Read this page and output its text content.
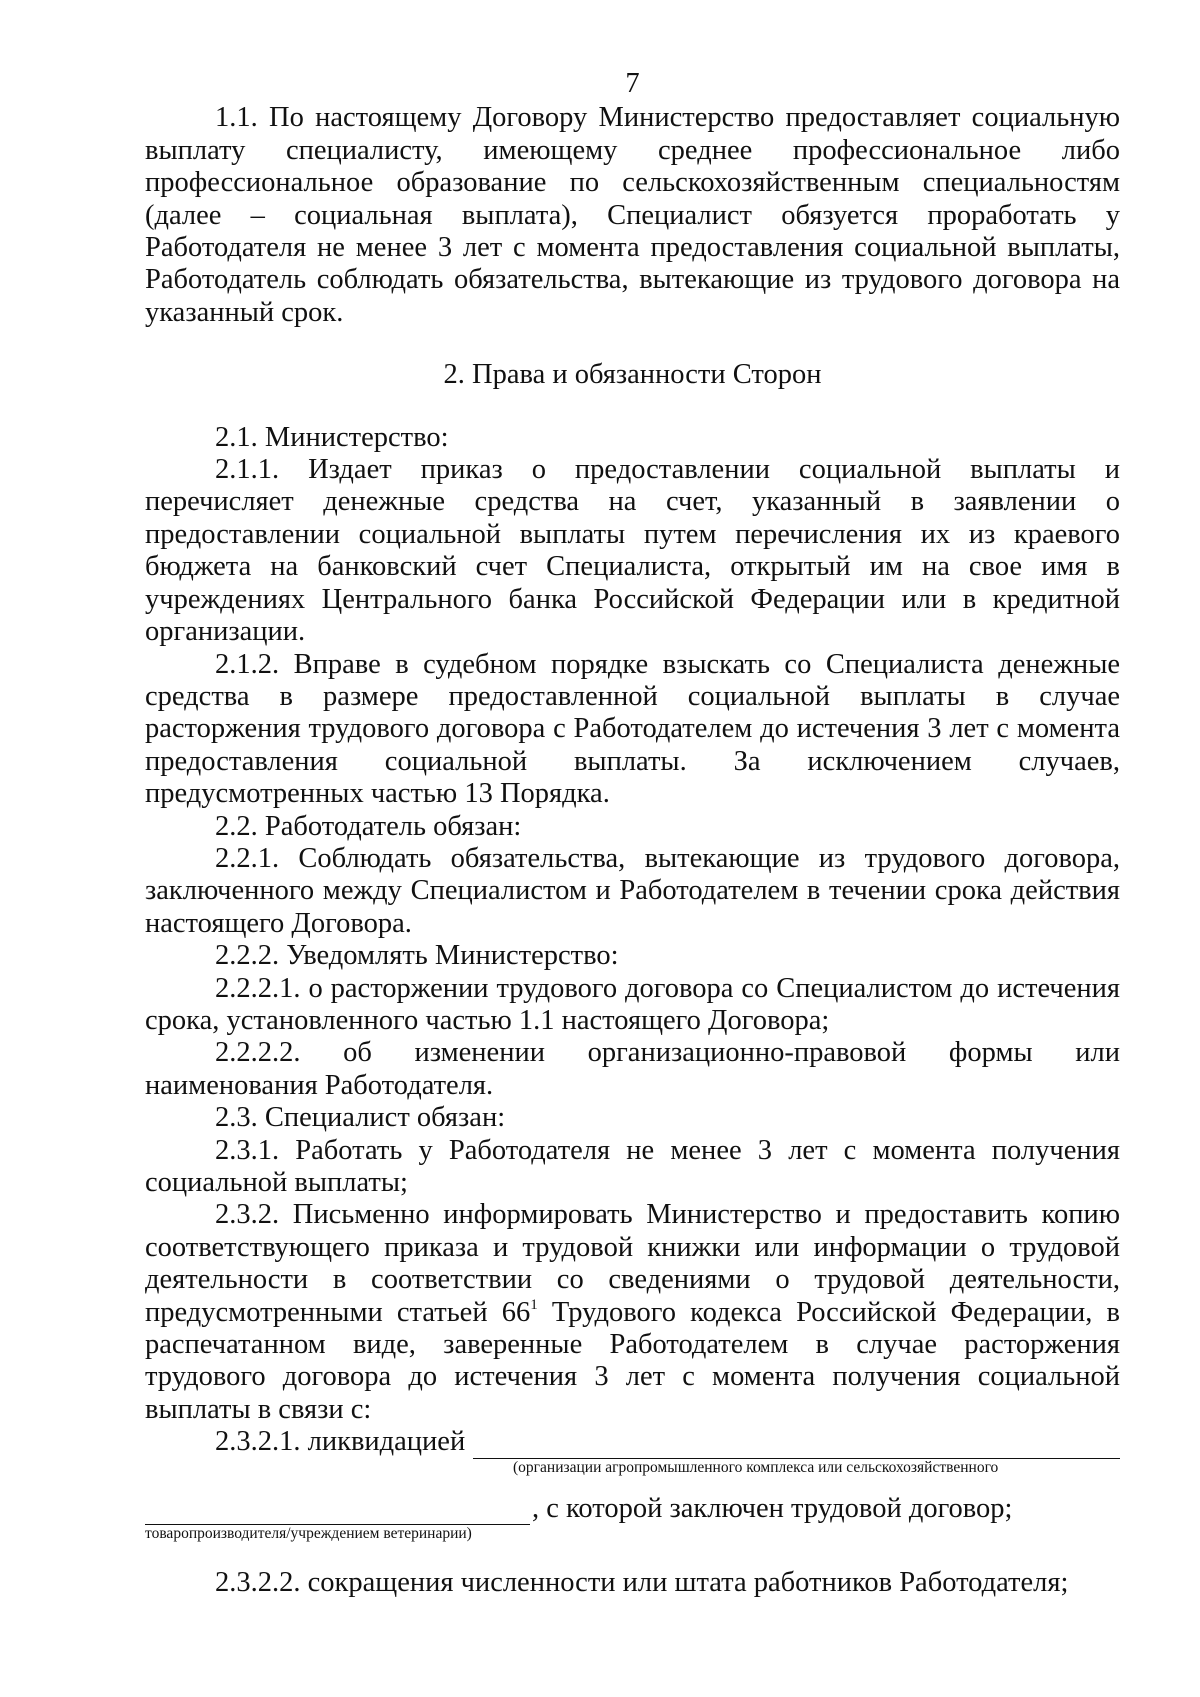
7

1.1. По настоящему Договору Министерство предоставляет социальную выплату специалисту, имеющему среднее профессиональное либо профессиональное образование по сельскохозяйственным специальностям (далее – социальная выплата), Специалист обязуется проработать у Работодателя не менее 3 лет с момента предоставления социальной выплаты, Работодатель соблюдать обязательства, вытекающие из трудового договора на указанный срок.

2. Права и обязанности Сторон

2.1. Министерство:

2.1.1. Издает приказ о предоставлении социальной выплаты и перечисляет денежные средства на счет, указанный в заявлении о предоставлении социальной выплаты путем перечисления их из краевого бюджета на банковский счет Специалиста, открытый им на свое имя в учреждениях Центрального банка Российской Федерации или в кредитной организации.

2.1.2. Вправе в судебном порядке взыскать со Специалиста денежные средства в размере предоставленной социальной выплаты в случае расторжения трудового договора с Работодателем до истечения 3 лет с момента предоставления социальной выплаты. За исключением случаев, предусмотренных частью 13 Порядка.

2.2. Работодатель обязан:

2.2.1. Соблюдать обязательства, вытекающие из трудового договора, заключенного между Специалистом и Работодателем в течении срока действия настоящего Договора.

2.2.2. Уведомлять Министерство:

2.2.2.1. о расторжении трудового договора со Специалистом до истечения срока, установленного частью 1.1 настоящего Договора;

2.2.2.2. об изменении организационно-правовой формы или наименования Работодателя.

2.3. Специалист обязан:

2.3.1. Работать у Работодателя не менее 3 лет с момента получения социальной выплаты;

2.3.2. Письменно информировать Министерство и предоставить копию соответствующего приказа и трудовой книжки или информации о трудовой деятельности в соответствии со сведениями о трудовой деятельности, предусмотренными статьей $66^1$ Трудового кодекса Российской Федерации, в распечатанном виде, заверенные Работодателем в случае расторжения трудового договора до истечения 3 лет с момента получения социальной выплаты в связи с:

2.3.2.1. ликвидацией
(организации агропромышленного комплекса или сельскохозяйственного
, с которой заключен трудовой договор;
товаропроизводителя/учреждением ветеринарии)

2.3.2.2. сокращения численности или штата работников Работодателя;
